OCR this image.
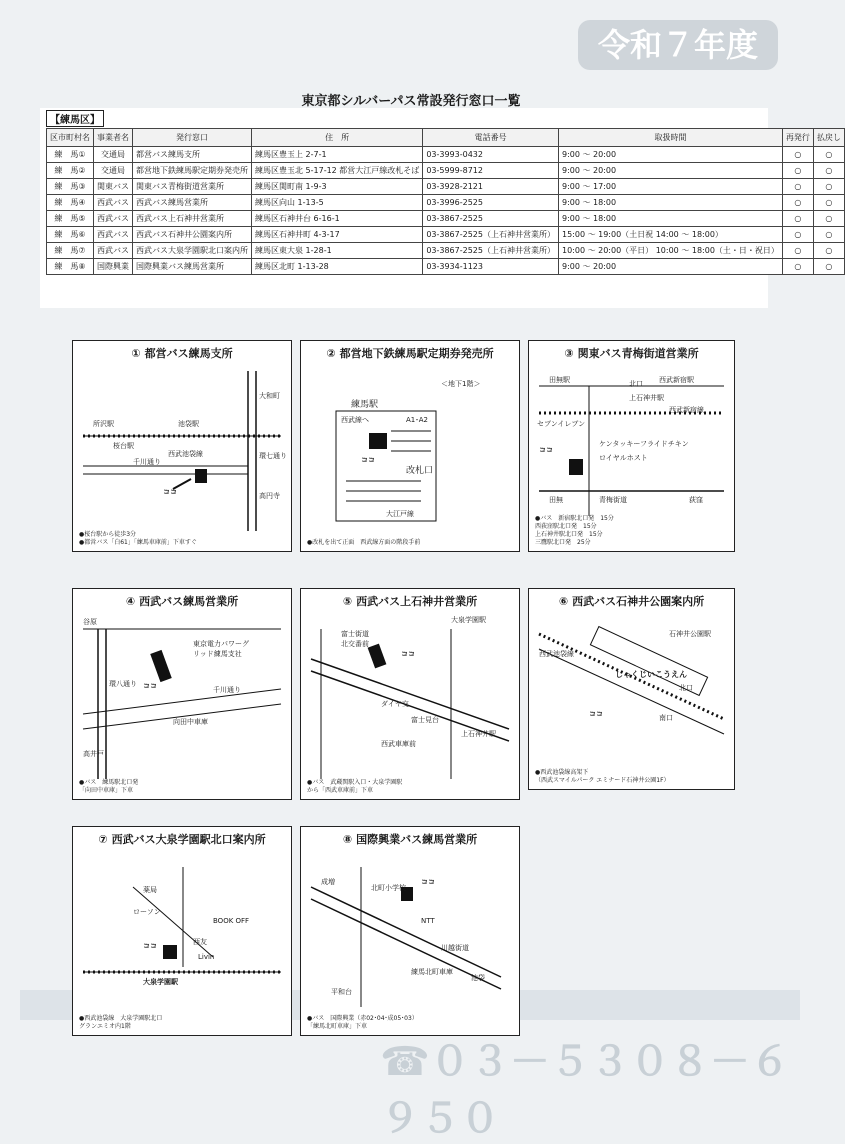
令和７年度
☎０３－５３０８－６９５０
東京都シルバーパス常設発行窓口一覧
【練馬区】
区市町村名	事業者名	発行窓口	住　所	電話番号	取扱時間	再発行	払戻し
練　馬①	交通局	都営バス練馬支所	練馬区豊玉上 2-7-1	03-3993-0432	9:00 ～ 20:00	○	○
練　馬②	交通局	都営地下鉄練馬駅定期券発売所	練馬区豊玉北 5-17-12 都営大江戸線改札そば	03-5999-8712	9:00 ～ 20:00	○	○
練　馬③	関東バス	関東バス青梅街道営業所	練馬区関町南 1-9-3	03-3928-2121	9:00 ～ 17:00	○	○
練　馬④	西武バス	西武バス練馬営業所	練馬区向山 1-13-5	03-3996-2525	9:00 ～ 18:00	○	○
練　馬⑤	西武バス	西武バス上石神井営業所	練馬区石神井台 6-16-1	03-3867-2525	9:00 ～ 18:00	○	○
練　馬⑥	西武バス	西武バス石神井公園案内所	練馬区石神井町 4-3-17	03-3867-2525（上石神井営業所）	15:00 ～ 19:00（土日祝 14:00 ～ 18:00）	○	○
練　馬⑦	西武バス	西武バス大泉学園駅北口案内所	練馬区東大泉 1-28-1	03-3867-2525（上石神井営業所）	10:00 ～ 20:00（平日） 10:00 ～ 18:00（土・日・祝日）	○	○
練　馬⑧	国際興業	国際興業バス練馬営業所	練馬区北町 1-13-28	03-3934-1123	9:00 ～ 20:00	○	○
① 都営バス練馬支所
所沢駅
桜台駅
池袋駅
西武池袋線
千川通り
大和町
環七通り
高円寺
ココ
●桜台駅から徒歩3分
●都営バス「白61」「練馬車庫前」下車すぐ
② 都営地下鉄練馬駅定期券発売所
＜地下1階＞
練馬駅
西武線へ	A1･A2
ココ
改札口
大江戸線
●改札を出て正面　西武線方面の階段手前
③ 関東バス青梅街道営業所
田無駅	北口 西武新宿駅
上石神井駅
西武新宿線
セブンイレブン
ケンタッキーフライドチキン
ロイヤルホスト
ココ
田無	青梅街道	荻窪
●バス　新宿駅北口発　15分
西荻窪駅北口発　15分
上石神井駅北口発　15分
三鷹駅北口発　25分
④ 西武バス練馬営業所
谷原
東京電力パワーグリッド練馬支社
環八通り
千川通り
ココ
高井戸
向田中車庫
●バス　練馬駅北口発
「向田中車庫」下車
⑤ 西武バス上石神井営業所
大泉学園駅
富士街道
北交番前
ココ
ダイヤ交
富士見台
上石神井駅
西武車庫前
●バス　武蔵関駅入口・大泉学園駅
から「西武車庫前」下車
⑥ 西武バス石神井公園案内所
石神井公園駅
西武池袋線
しゃくじいこうえん
北口
南口
ココ
●西武池袋線高架下
（西武スマイルパーク エミナード石神井公園1F）
⑦ 西武バス大泉学園駅北口案内所
薬局
ローソン
BOOK OFF
西友
大泉学園駅
ココ
Livin
●西武池袋線　大泉学園駅北口
グランエミオ内1階
⑧ 国際興業バス練馬営業所
成増
北町小学校
ココ
NTT
練馬北町車庫
平和台
川越街道
池袋
●バス　国際興業（赤02･04･成05･03）
「練馬北町車庫」下車
